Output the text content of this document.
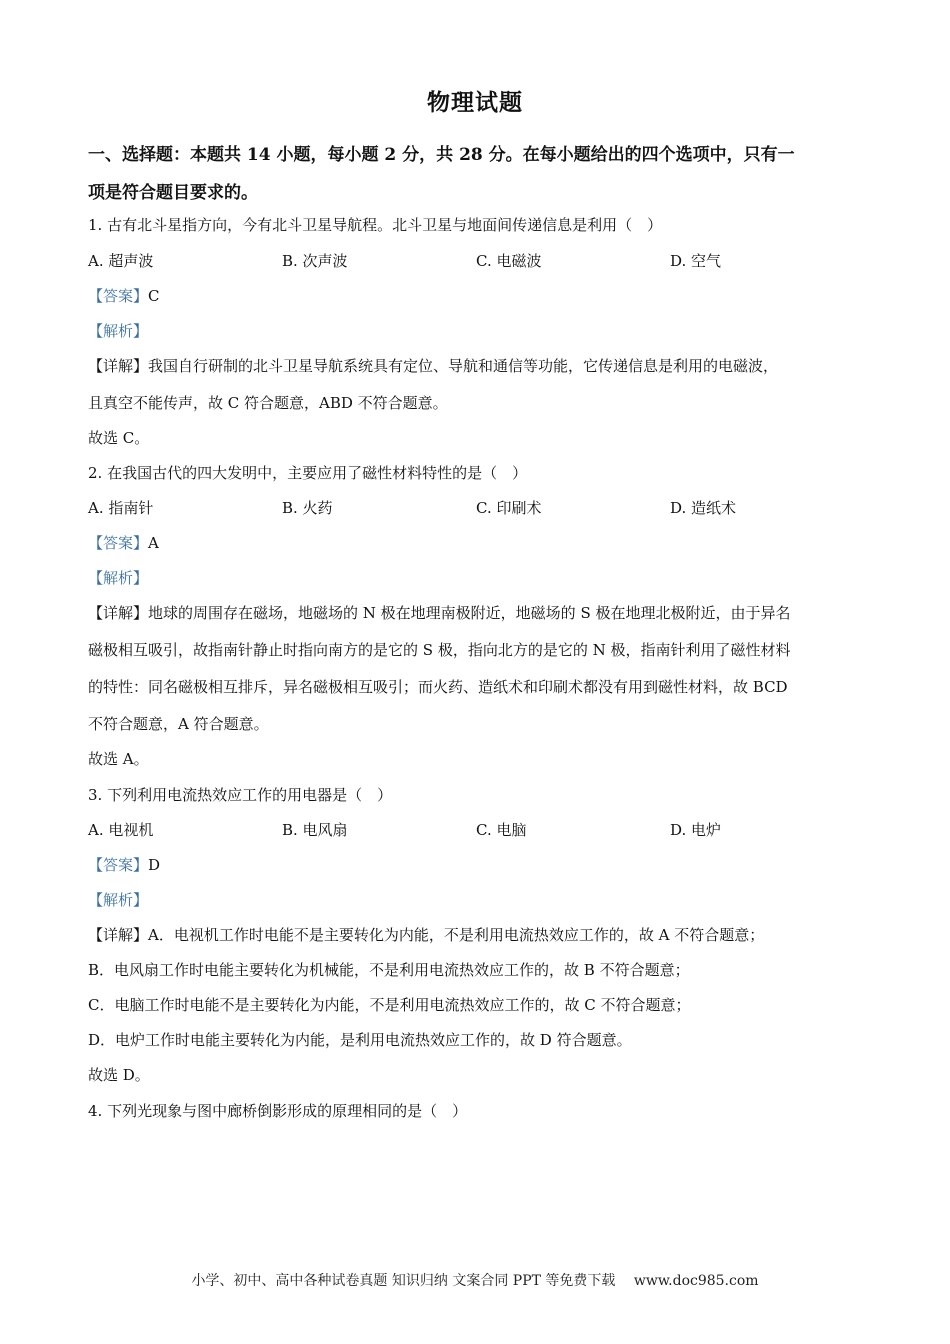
物理试题
一、选择题：本题共 14 小题，每小题 2 分，共 28 分。在每小题给出的四个选项中，只有一
项是符合题目要求的。
1. 古有北斗星指方向，今有北斗卫星导航程。北斗卫星与地面间传递信息是利用（　）
A. 超声波	B. 次声波	C. 电磁波	D. 空气
【答案】C
【解析】
【详解】我国自行研制的北斗卫星导航系统具有定位、导航和通信等功能，它传递信息是利用的电磁波，
且真空不能传声，故 C 符合题意，ABD 不符合题意。
故选 C。
2. 在我国古代的四大发明中，主要应用了磁性材料特性的是（　）
A. 指南针	B. 火药	C. 印刷术	D. 造纸术
【答案】A
【解析】
【详解】地球的周围存在磁场，地磁场的 N 极在地理南极附近，地磁场的 S 极在地理北极附近，由于异名
磁极相互吸引，故指南针静止时指向南方的是它的 S 极，指向北方的是它的 N 极，指南针利用了磁性材料
的特性：同名磁极相互排斥，异名磁极相互吸引；而火药、造纸术和印刷术都没有用到磁性材料，故 BCD
不符合题意，A 符合题意。
故选 A。
3. 下列利用电流热效应工作的用电器是（　）
A. 电视机	B. 电风扇	C. 电脑	D. 电炉
【答案】D
【解析】
【详解】A．电视机工作时电能不是主要转化为内能，不是利用电流热效应工作的，故 A 不符合题意；
B．电风扇工作时电能主要转化为机械能，不是利用电流热效应工作的，故 B 不符合题意；
C．电脑工作时电能不是主要转化为内能，不是利用电流热效应工作的，故 C 不符合题意；
D．电炉工作时电能主要转化为内能，是利用电流热效应工作的，故 D 符合题意。
故选 D。
4. 下列光现象与图中廊桥倒影形成的原理相同的是（　）
小学、初中、高中各种试卷真题 知识归纳 文案合同 PPT 等免费下载　 www.doc985.com
